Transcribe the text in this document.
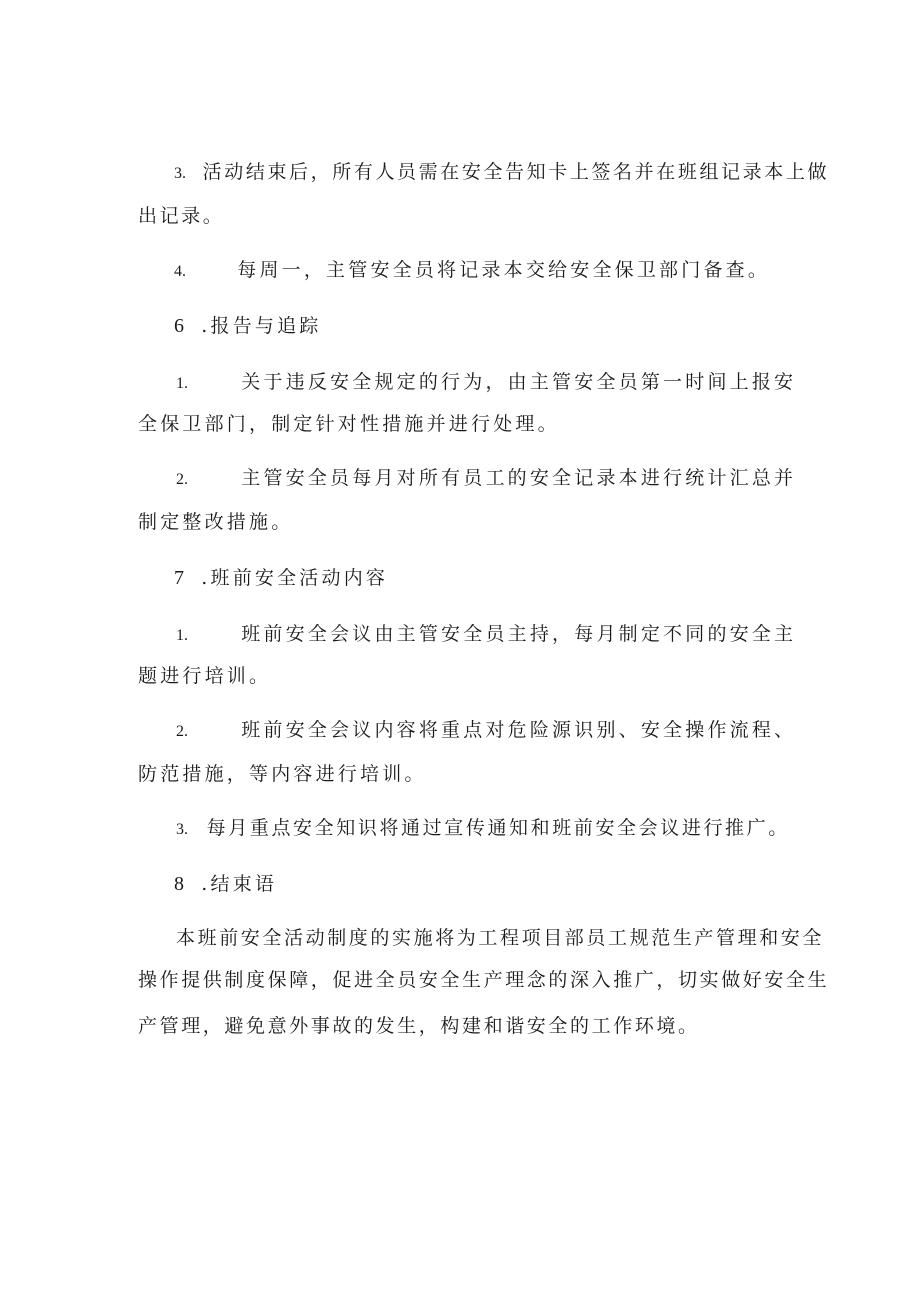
3. 活动结束后，所有人员需在安全告知卡上签名并在班组记录本上做
出记录。
4.	每周一，主管安全员将记录本交给安全保卫部门备查。
6 .报告与追踪
1.	关于违反安全规定的行为，由主管安全员第一时间上报安
全保卫部门，制定针对性措施并进行处理。
2.	主管安全员每月对所有员工的安全记录本进行统计汇总并
制定整改措施。
7 .班前安全活动内容
1.	班前安全会议由主管安全员主持，每月制定不同的安全主
题进行培训。
2.	班前安全会议内容将重点对危险源识别、安全操作流程、
防范措施，等内容进行培训。
3. 每月重点安全知识将通过宣传通知和班前安全会议进行推广。
8 .结束语
本班前安全活动制度的实施将为工程项目部员工规范生产管理和安全
操作提供制度保障，促进全员安全生产理念的深入推广，切实做好安全生
产管理，避免意外事故的发生，构建和谐安全的工作环境。
